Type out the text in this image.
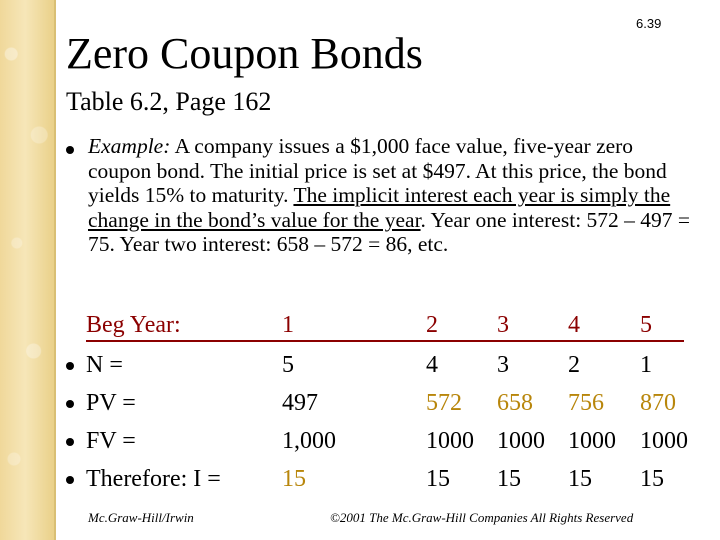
6.39
Zero Coupon Bonds
Table 6.2, Page 162
Example: A company issues a $1,000 face value, five-year zero coupon bond. The initial price is set at $497. At this price, the bond yields 15% to maturity. The implicit interest each year is simply the change in the bond’s value for the year. Year one interest: 572 – 497 = 75. Year two interest: 658 – 572 = 86, etc.
Beg Year:	1	2 3 4	5
N =	5	4 3 2	1
PV =	497	572 658 756 870
FV =	1,000	1000 1000 1000 1000
Therefore: I =	15	15 15 15 15
Mc.Graw-Hill/Irwin	©2001 The Mc.Graw-Hill Companies All Rights Reserved
